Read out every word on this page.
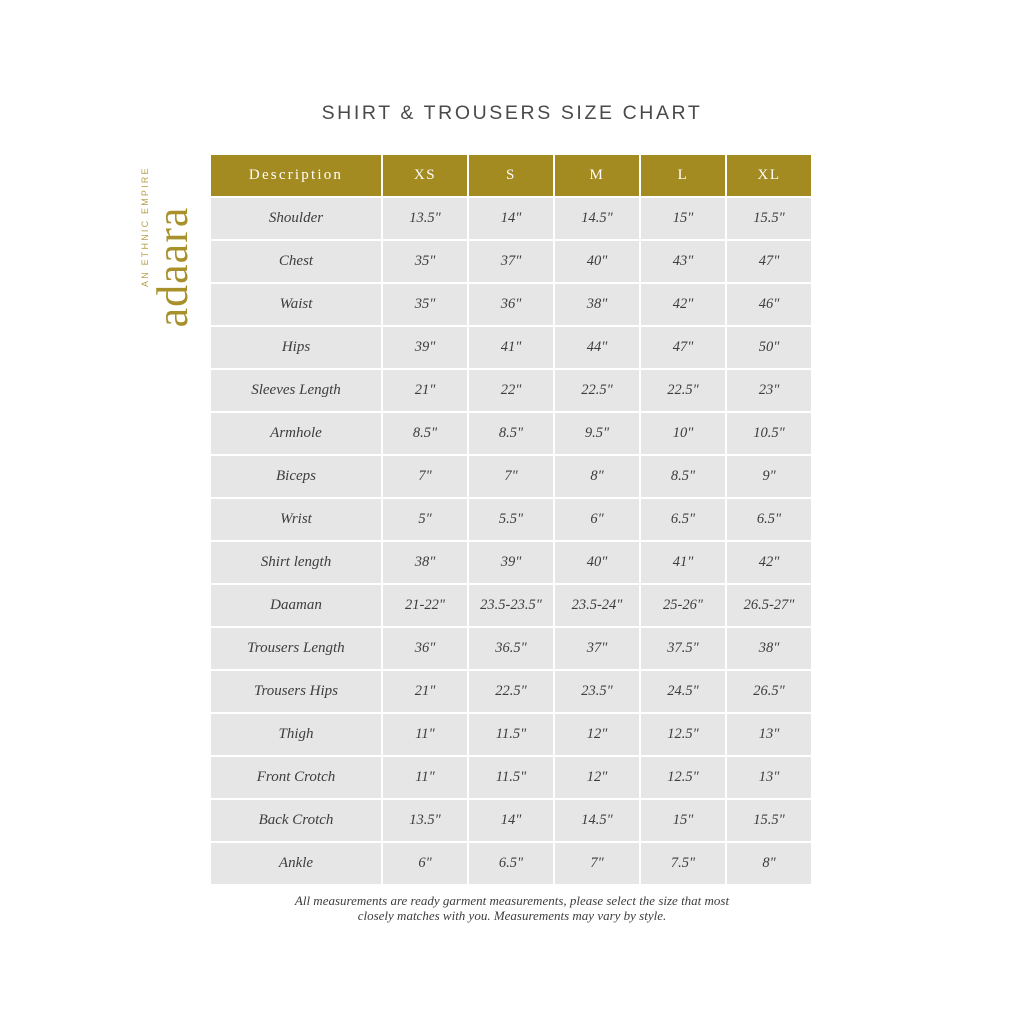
SHIRT & TROUSERS SIZE CHART
adaara
AN ETHNIC EMPIRE	Description	XS	S	M	L	XL
Shoulder	13.5"	14"	14.5"	15"	15.5"
Chest	35"	37"	40"	43"	47"
Waist	35"	36"	38"	42"	46"
Hips	39"	41"	44"	47"	50"
Sleeves Length	21"	22"	22.5"	22.5"	23"
Armhole	8.5"	8.5"	9.5"	10"	10.5"
Biceps	7"	7"	8"	8.5"	9"
Wrist	5"	5.5"	6"	6.5"	6.5"
Shirt length	38"	39"	40"	41"	42"
Daaman	21-22"	23.5-23.5"	23.5-24"	25-26"	26.5-27"
Trousers Length	36"	36.5"	37"	37.5"	38"
Trousers Hips	21"	22.5"	23.5"	24.5"	26.5"
Thigh	11"	11.5"	12"	12.5"	13"
Front Crotch	11"	11.5"	12"	12.5"	13"
Back Crotch	13.5"	14"	14.5"	15"	15.5"
Ankle	6"	6.5"	7"	7.5"	8"
All measurements are ready garment measurements, please select the size that most
closely matches with you. Measurements may vary by style.
